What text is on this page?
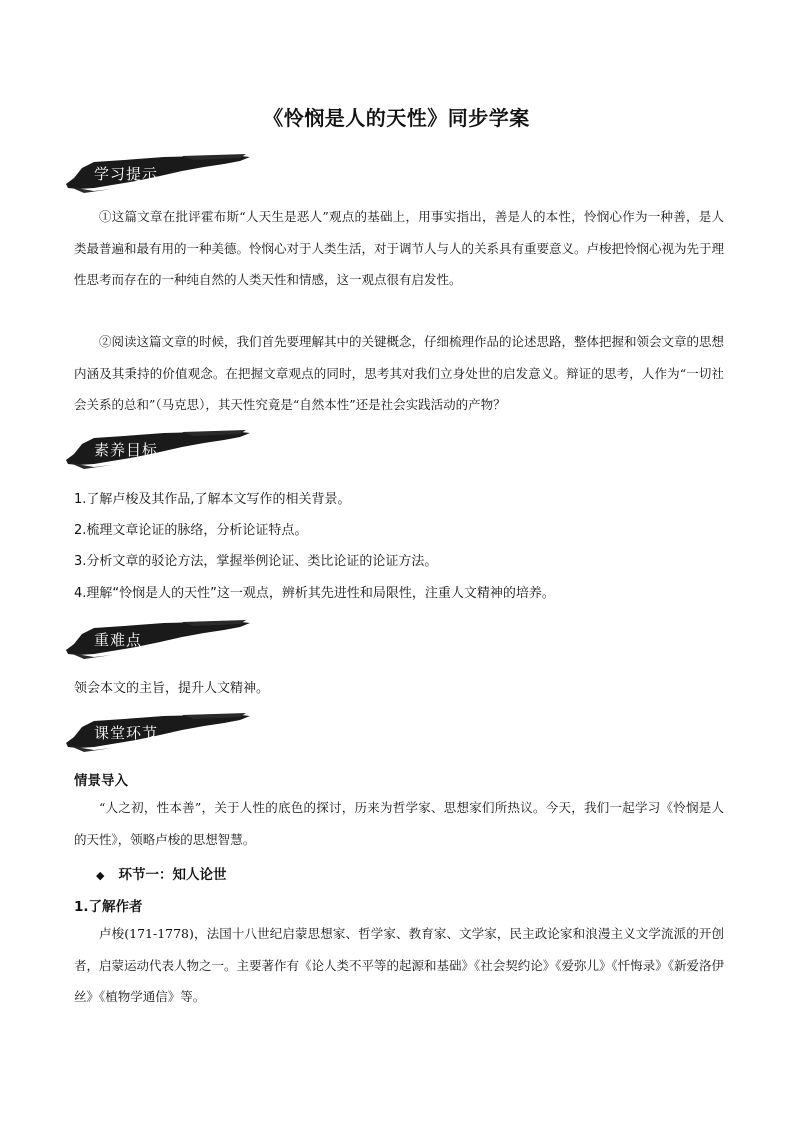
《怜悯是人的天性》同步学案
学习提示

①这篇文章在批评霍布斯“人天生是恶人”观点的基础上，用事实指出，善是人的本性，怜悯心作为一种善，是人类最普遍和最有用的一种美德。怜悯心对于人类生活，对于调节人与人的关系具有重要意义。卢梭把怜悯心视为先于理性思考而存在的一种纯自然的人类天性和情感，这一观点很有启发性。

②阅读这篇文章的时候，我们首先要理解其中的关键概念，仔细梳理作品的论述思路，整体把握和领会文章的思想内涵及其秉持的价值观念。在把握文章观点的同时，思考其对我们立身处世的启发意义。辩证的思考，人作为“一切社会关系的总和”（马克思），其天性究竟是“自然本性”还是社会实践活动的产物？

素养目标

1.了解卢梭及其作品,了解本文写作的相关背景。

2.梳理文章论证的脉络，分析论证特点。

3.分析文章的驳论方法，掌握举例论证、类比论证的论证方法。

4.理解“怜悯是人的天性”这一观点，辨析其先进性和局限性，注重人文精神的培养。

重难点

领会本文的主旨，提升人文精神。

课堂环节

情景导入

“人之初，性本善”，关于人性的底色的探讨，历来为哲学家、思想家们所热议。今天，我们一起学习《怜悯是人的天性》，领略卢梭的思想智慧。

◆ 环节一：知人论世

1.了解作者

卢梭(171-1778)，法国十八世纪启蒙思想家、哲学家、教育家、文学家，民主政论家和浪漫主义文学流派的开创者，启蒙运动代表人物之一。主要著作有《论人类不平等的起源和基础》《社会契约论》《爱弥儿》《忏悔录》《新爱洛伊丝》《植物学通信》等。
